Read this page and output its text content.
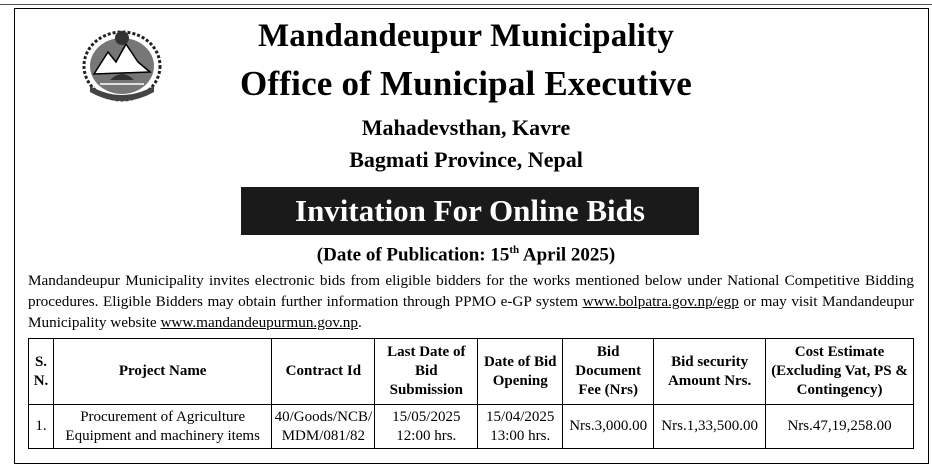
Mandandeupur Municipality
Office of Municipal Executive
Mahadevsthan, Kavre
Bagmati Province, Nepal
Invitation For Online Bids
(Date of Publication: 15th April 2025)

Mandandeupur Municipality invites electronic bids from eligible bidders for the works mentioned below under National Competitive Bidding procedures. Eligible Bidders may obtain further information through PPMO e-GP system www.bolpatra.gov.np/egp or may visit Mandandeupur Municipality website www.mandandeupurmun.gov.np.

S. N.	Project Name	Contract Id	Last Date of Bid Submission	Date of Bid Opening	Bid Document Fee (Nrs)	Bid security Amount Nrs.	Cost Estimate (Excluding Vat, PS & Contingency)
1.	Procurement of Agriculture Equipment and machinery items	40/Goods/NCB/ MDM/081/82	15/05/2025 12:00 hrs.	15/04/2025 13:00 hrs.	Nrs.3,000.00	Nrs.1,33,500.00	Nrs.47,19,258.00
